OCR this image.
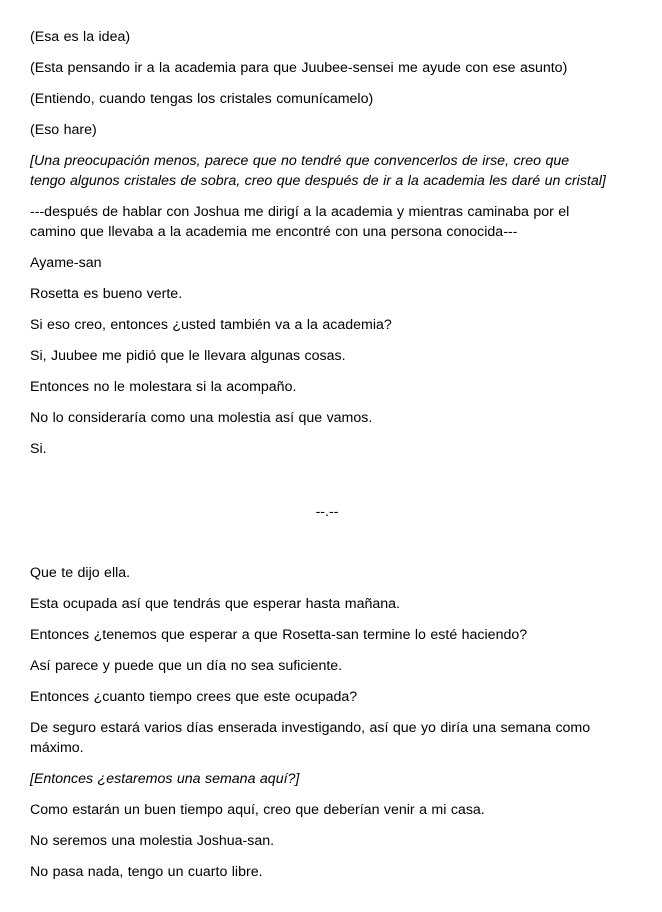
(Esa es la idea)
(Esta pensando ir a la academia para que Juubee-sensei me ayude con ese asunto)
(Entiendo, cuando tengas los cristales comunícamelo)
(Eso hare)
[Una preocupación menos, parece que no tendré que convencerlos de irse, creo que
tengo algunos cristales de sobra, creo que después de ir a la academia les daré un cristal]
---después de hablar con Joshua me dirigí a la academia y mientras caminaba por el
camino que llevaba a la academia me encontré con una persona conocida---
Ayame-san
Rosetta es bueno verte.
Si eso creo, entonces ¿usted también va a la academia?
Si, Juubee me pidió que le llevara algunas cosas.
Entonces no le molestara si la acompaño.
No lo consideraría como una molestia así que vamos.
Si.
--.--
Que te dijo ella.
Esta ocupada así que tendrás que esperar hasta mañana.
Entonces ¿tenemos que esperar a que Rosetta-san termine lo esté haciendo?
Así parece y puede que un día no sea suficiente.
Entonces ¿cuanto tiempo crees que este ocupada?
De seguro estará varios días enserada investigando, así que yo diría una semana como
máximo.
[Entonces ¿estaremos una semana aquí?]
Como estarán un buen tiempo aquí, creo que deberían venir a mi casa.
No seremos una molestia Joshua-san.
No pasa nada, tengo un cuarto libre.
